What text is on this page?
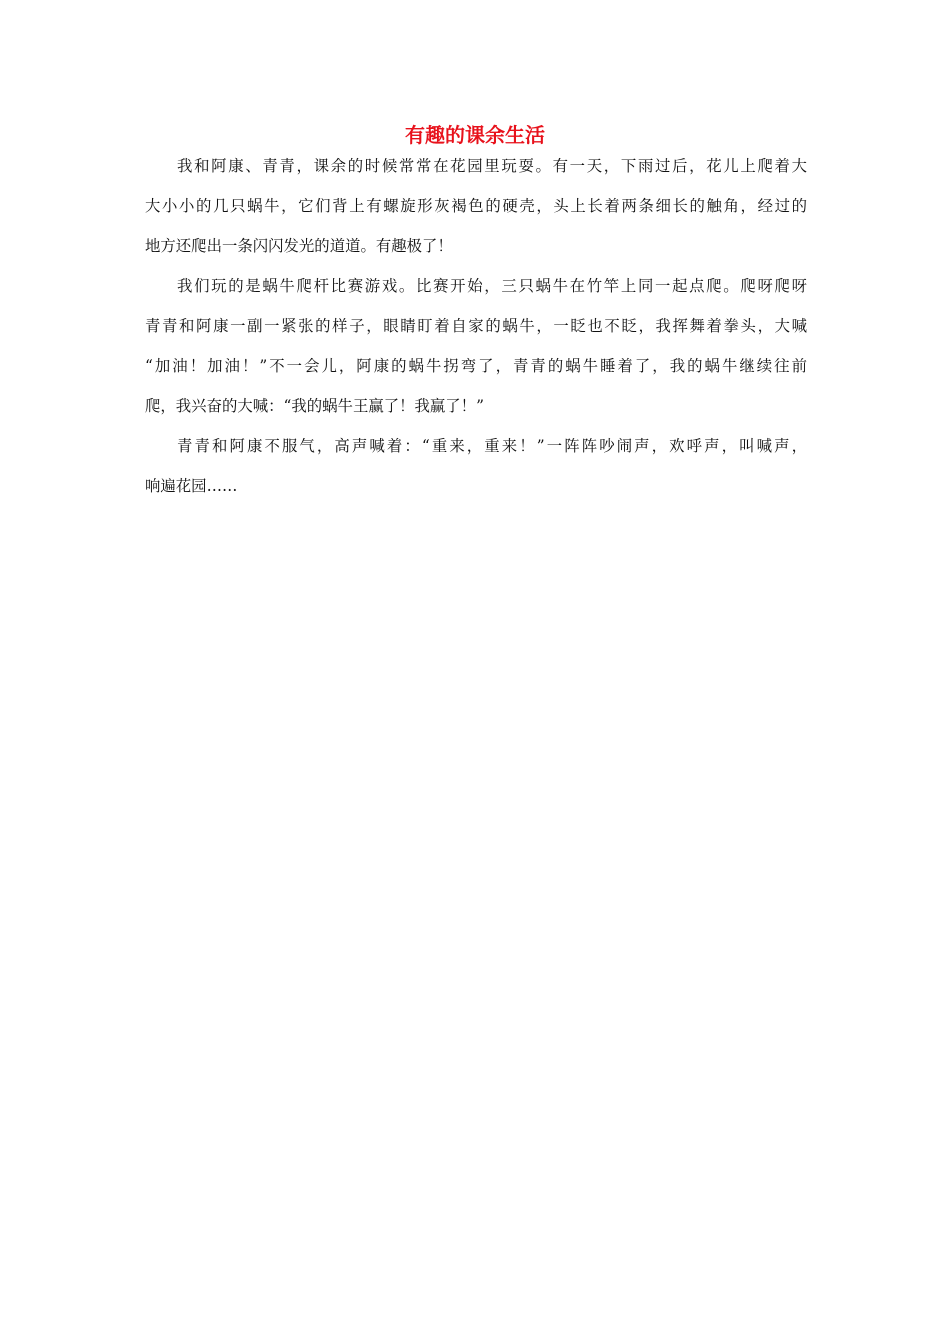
有趣的课余生活
我和阿康、青青，课余的时候常常在花园里玩耍。有一天，下雨过后，花儿上爬着大
大小小的几只蜗牛，它们背上有螺旋形灰褐色的硬壳，头上长着两条细长的触角，经过的
地方还爬出一条闪闪发光的道道。有趣极了！
我们玩的是蜗牛爬杆比赛游戏。比赛开始，三只蜗牛在竹竿上同一起点爬。爬呀爬呀
青青和阿康一副一紧张的样子，眼睛盯着自家的蜗牛，一眨也不眨，我挥舞着拳头，大喊
“加油！加油！”不一会儿，阿康的蜗牛拐弯了，青青的蜗牛睡着了，我的蜗牛继续往前
爬，我兴奋的大喊：“我的蜗牛王赢了！我赢了！”
青青和阿康不服气，高声喊着：“重来，重来！”一阵阵吵闹声，欢呼声，叫喊声，
响遍花园……
